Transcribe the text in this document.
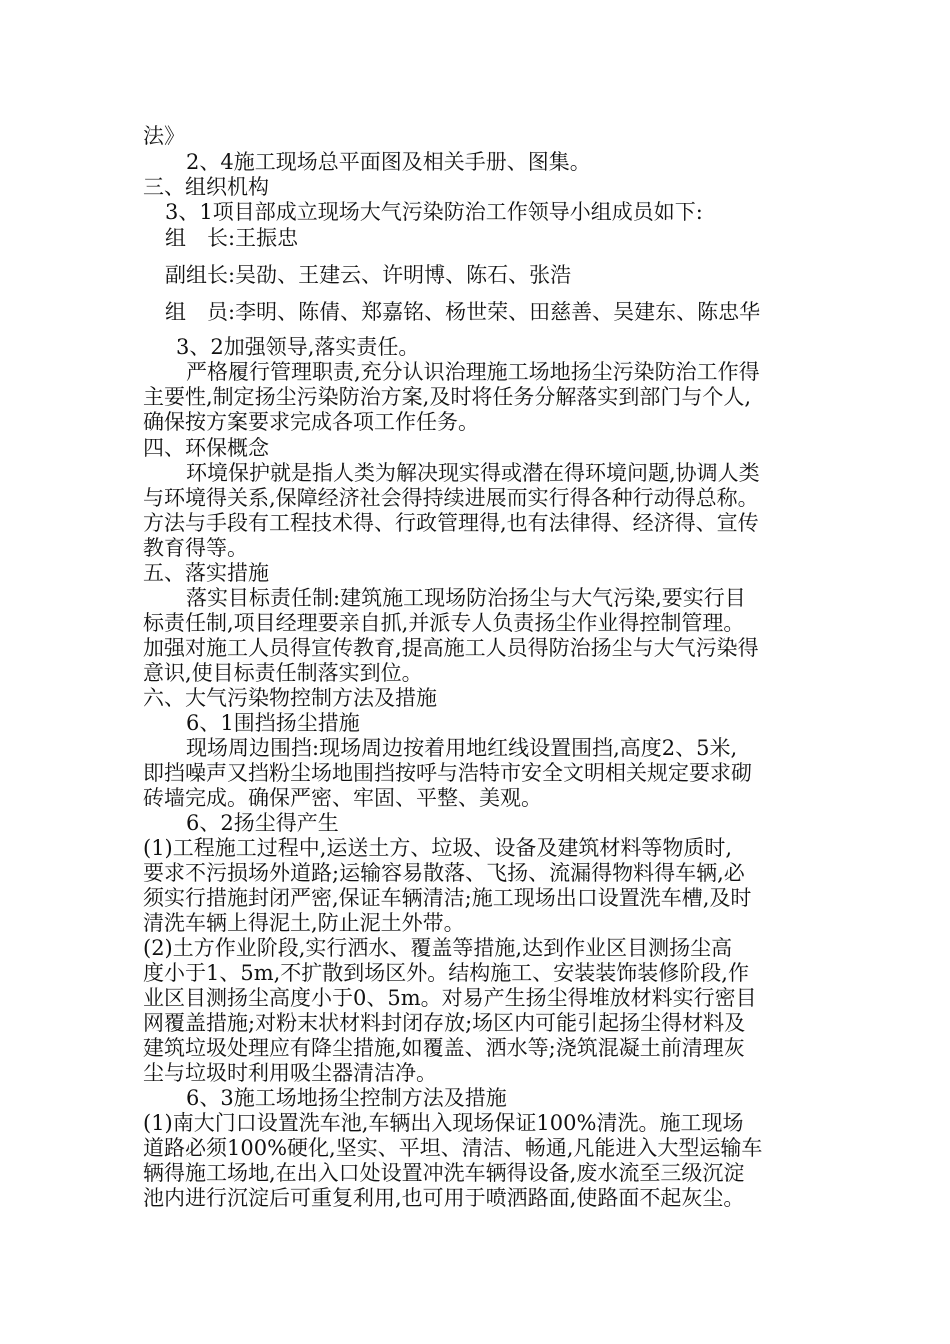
法》
2、4施工现场总平面图及相关手册、图集。
三、组织机构
3、1项目部成立现场大气污染防治工作领导小组成员如下:
组　长:王振忠
副组长:吴劭、王建云、许明博、陈石、张浩
组　员:李明、陈倩、郑嘉铭、杨世荣、田慈善、吴建东、陈忠华
3、2加强领导,落实责任。
严格履行管理职责,充分认识治理施工场地扬尘污染防治工作得
主要性,制定扬尘污染防治方案,及时将任务分解落实到部门与个人,
确保按方案要求完成各项工作任务。
四、环保概念
环境保护就是指人类为解决现实得或潜在得环境问题,协调人类
与环境得关系,保障经济社会得持续进展而实行得各种行动得总称。
方法与手段有工程技术得、行政管理得,也有法律得、经济得、宣传
教育得等。
五、落实措施
落实目标责任制:建筑施工现场防治扬尘与大气污染,要实行目
标责任制,项目经理要亲自抓,并派专人负责扬尘作业得控制管理。
加强对施工人员得宣传教育,提高施工人员得防治扬尘与大气污染得
意识,使目标责任制落实到位。
六、大气污染物控制方法及措施
6、1围挡扬尘措施
现场周边围挡:现场周边按着用地红线设置围挡,高度2、5米,
即挡噪声又挡粉尘场地围挡按呼与浩特市安全文明相关规定要求砌
砖墙完成。确保严密、牢固、平整、美观。
6、2扬尘得产生
(1)工程施工过程中,运送土方、垃圾、设备及建筑材料等物质时,
要求不污损场外道路;运输容易散落、飞扬、流漏得物料得车辆,必
须实行措施封闭严密,保证车辆清洁;施工现场出口设置洗车槽,及时
清洗车辆上得泥土,防止泥土外带。
(2)土方作业阶段,实行洒水、覆盖等措施,达到作业区目测扬尘高
度小于1、5m,不扩散到场区外。结构施工、安装装饰装修阶段,作
业区目测扬尘高度小于0、5m。对易产生扬尘得堆放材料实行密目
网覆盖措施;对粉末状材料封闭存放;场区内可能引起扬尘得材料及
建筑垃圾处理应有降尘措施,如覆盖、洒水等;浇筑混凝土前清理灰
尘与垃圾时利用吸尘器清洁净。
6、3施工场地扬尘控制方法及措施
(1)南大门口设置洗车池,车辆出入现场保证100%清洗。施工现场
道路必须100%硬化,坚实、平坦、清洁、畅通,凡能进入大型运输车
辆得施工场地,在出入口处设置冲洗车辆得设备,废水流至三级沉淀
池内进行沉淀后可重复利用,也可用于喷洒路面,使路面不起灰尘。
